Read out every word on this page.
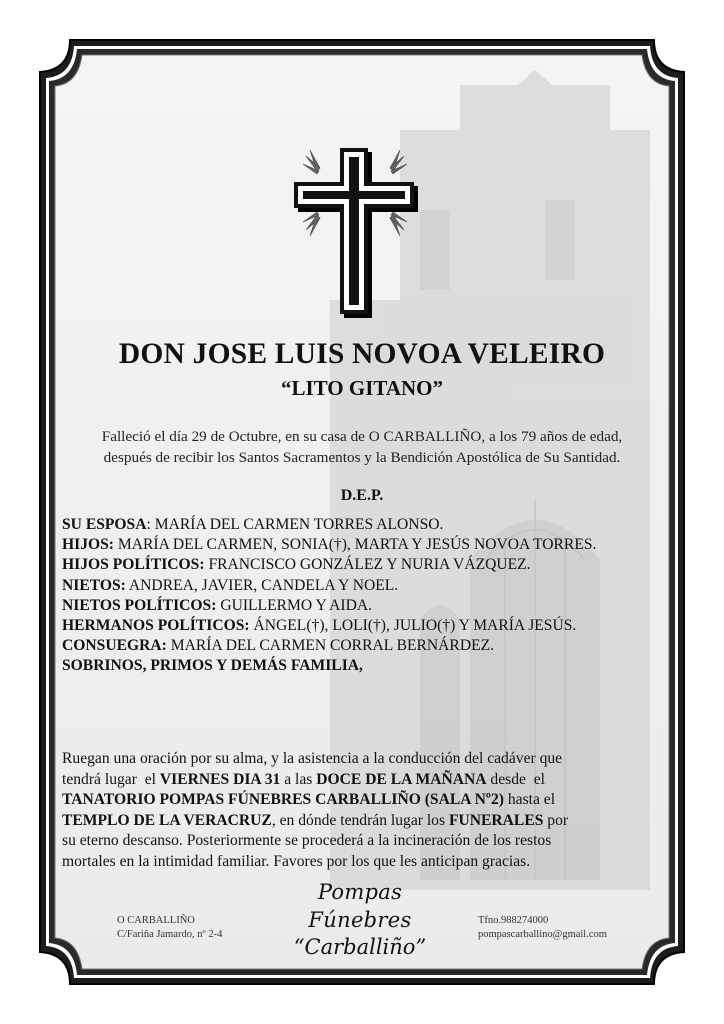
DON JOSE LUIS NOVOA VELEIRO
“LITO GITANO”
Falleció el día 29 de Octubre, en su casa de O CARBALLIÑO, a los 79 años de edad,
después de recibir los Santos Sacramentos y la Bendición Apostólica de Su Santidad.
D.E.P.
SU ESPOSA: MARÍA DEL CARMEN TORRES ALONSO.
HIJOS: MARÍA DEL CARMEN, SONIA(†), MARTA Y JESÚS NOVOA TORRES.
HIJOS POLÍTICOS: FRANCISCO GONZÁLEZ Y NURIA VÁZQUEZ.
NIETOS: ANDREA, JAVIER, CANDELA Y NOEL.
NIETOS POLÍTICOS: GUILLERMO Y AIDA.
HERMANOS POLÍTICOS: ÁNGEL(†), LOLI(†), JULIO(†) Y MARÍA JESÚS.
CONSUEGRA: MARÍA DEL CARMEN CORRAL BERNÁRDEZ.
SOBRINOS, PRIMOS Y DEMÁS FAMILIA,
Ruegan una oración por su alma, y la asistencia a la conducción del cadáver que
tendrá lugar  el VIERNES DIA 31 a las DOCE DE LA MAÑANA desde  el
TANATORIO POMPAS FÚNEBRES CARBALLIÑO (SALA Nº2) hasta el
TEMPLO DE LA VERACRUZ, en dónde tendrán lugar los FUNERALES por
su eterno descanso. Posteriormente se procederá a la incineración de los restos
mortales en la intimidad familiar. Favores por los que les anticipan gracias.
O CARBALLIÑO
C/Fariña Jamardo, nº 2-4
Pompas Fúnebres
“Carballiño”
Tfno.988274000
pompascarballino@gmail.com
